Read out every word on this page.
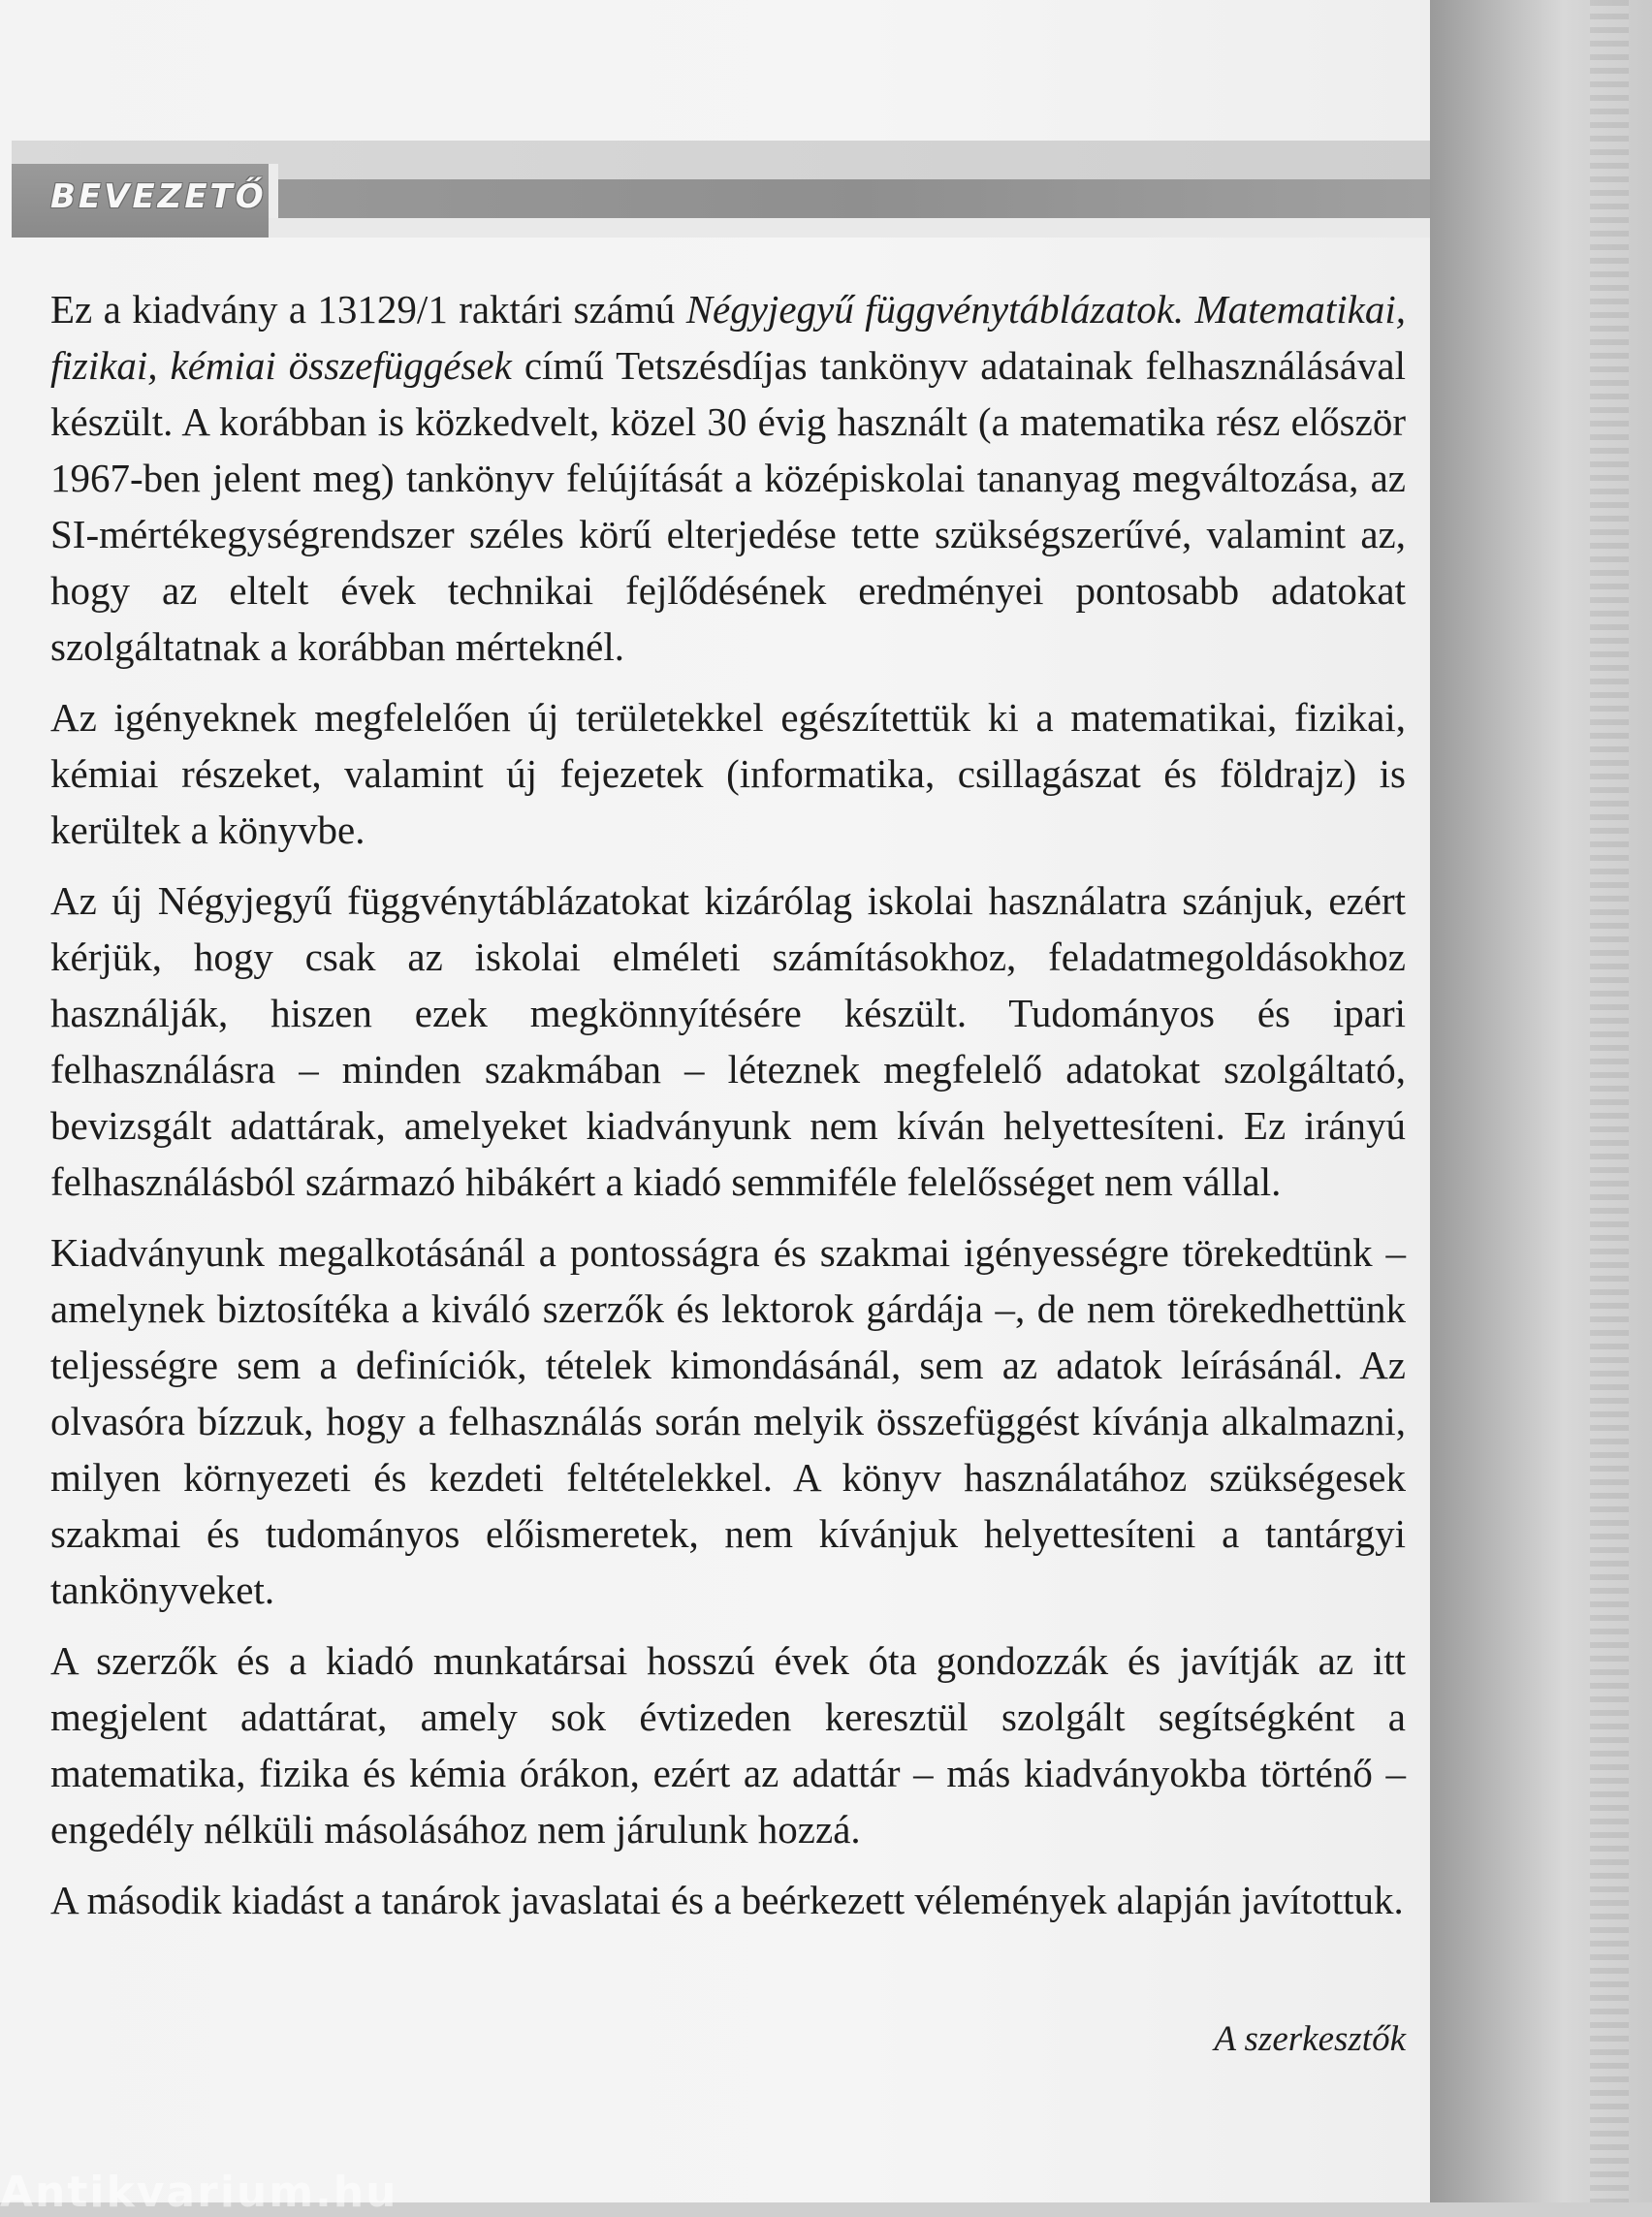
BEVEZETŐ

Ez a kiadvány a 13129/1 raktári számú Négyjegyű függvénytáblázatok. Matematikai, fizikai, kémiai összefüggések című Tetszésdíjas tankönyv adatainak felhasználásával készült. A korábban is közkedvelt, közel 30 évig használt (a matematika rész először 1967-ben jelent meg) tankönyv felújítását a középiskolai tananyag megváltozása, az SI-mértékegységrendszer széles körű elterjedése tette szükségszerűvé, valamint az, hogy az eltelt évek technikai fejlődésének eredményei pontosabb adatokat szolgáltatnak a korábban mérteknél.

Az igényeknek megfelelően új területekkel egészítettük ki a matematikai, fizikai, kémiai részeket, valamint új fejezetek (informatika, csillagászat és földrajz) is kerültek a könyvbe.

Az új Négyjegyű függvénytáblázatokat kizárólag iskolai használatra szánjuk, ezért kérjük, hogy csak az iskolai elméleti számításokhoz, feladatmegoldásokhoz használják, hiszen ezek megkönnyítésére készült. Tudományos és ipari felhasználásra – minden szakmában – léteznek megfelelő adatokat szolgáltató, bevizsgált adattárak, amelyeket kiadványunk nem kíván helyettesíteni. Ez irányú felhasználásból származó hibákért a kiadó semmiféle felelősséget nem vállal.

Kiadványunk megalkotásánál a pontosságra és szakmai igényességre törekedtünk – amelynek biztosítéka a kiváló szerzők és lektorok gárdája –, de nem törekedhettünk teljességre sem a definíciók, tételek kimondásánál, sem az adatok leírásánál. Az olvasóra bízzuk, hogy a felhasználás során melyik összefüggést kívánja alkalmazni, milyen környezeti és kezdeti feltételekkel. A könyv használatához szükségesek szakmai és tudományos előismeretek, nem kívánjuk helyettesíteni a tantárgyi tankönyveket.

A szerzők és a kiadó munkatársai hosszú évek óta gondozzák és javítják az itt megjelent adattárat, amely sok évtizeden keresztül szolgált segítségként a matematika, fizika és kémia órákon, ezért az adattár – más kiadványokba történő – engedély nélküli másolásához nem járulunk hozzá.

A második kiadást a tanárok javaslatai és a beérkezett vélemények alapján javítottuk.

A szerkesztők
Antikvarium.hu
